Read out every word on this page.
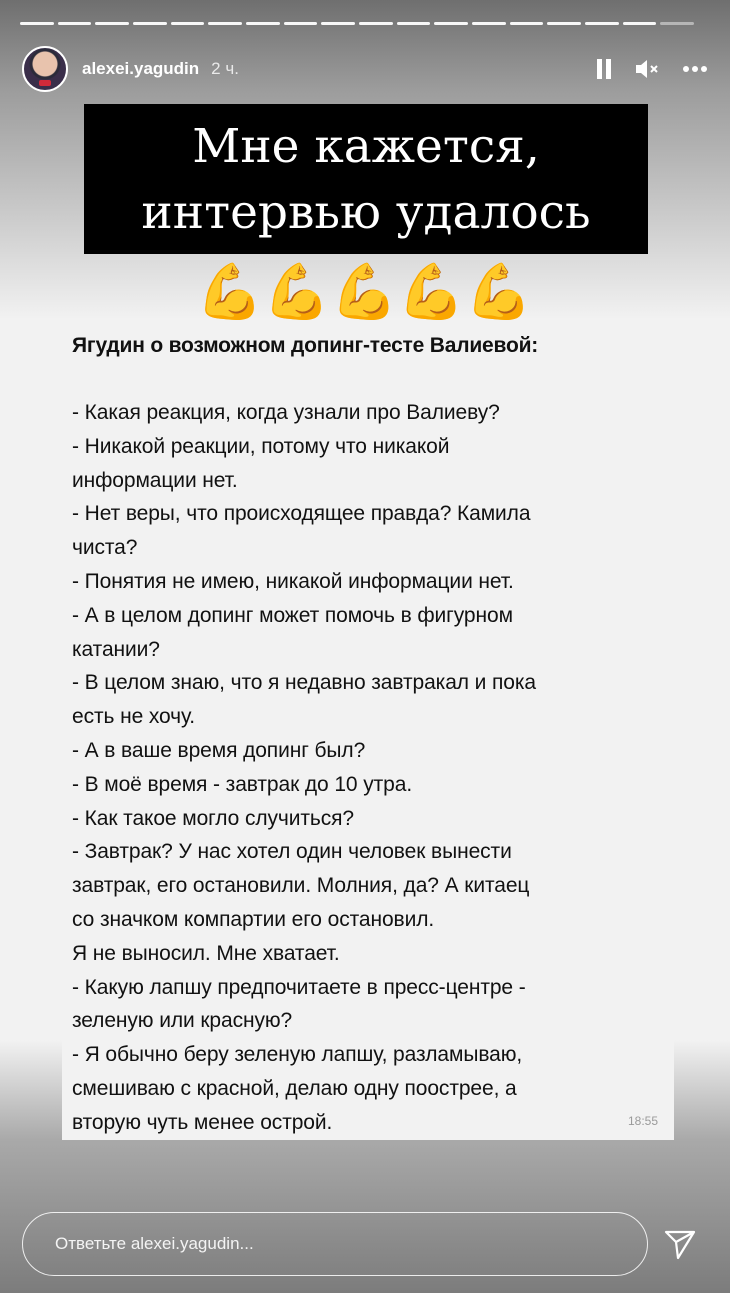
alexei.yagudin 2 ч.
Мне кажется,
интервью удалось
💪 💪 💪 💪 💪
Ягудин о возможном допинг-тесте Валиевой:
- Какая реакция, когда узнали про Валиеву?
- Никакой реакции, потому что никакой
информации нет.
- Нет веры, что происходящее правда? Камила
чиста?
- Понятия не имею, никакой информации нет.
- А в целом допинг может помочь в фигурном
катании?
- В целом знаю, что я недавно завтракал и пока
есть не хочу.
- А в ваше время допинг был?
- В моё время - завтрак до 10 утра.
- Как такое могло случиться?
- Завтрак? У нас хотел один человек вынести
завтрак, его остановили. Молния, да? А китаец
со значком компартии его остановил.
Я не выносил. Мне хватает.
- Какую лапшу предпочитаете в пресс-центре -
зеленую или красную?
- Я обычно беру зеленую лапшу, разламываю,
смешиваю с красной, делаю одну поострее, а
вторую чуть менее острой.	18:55
Ответьте alexei.yagudin...
